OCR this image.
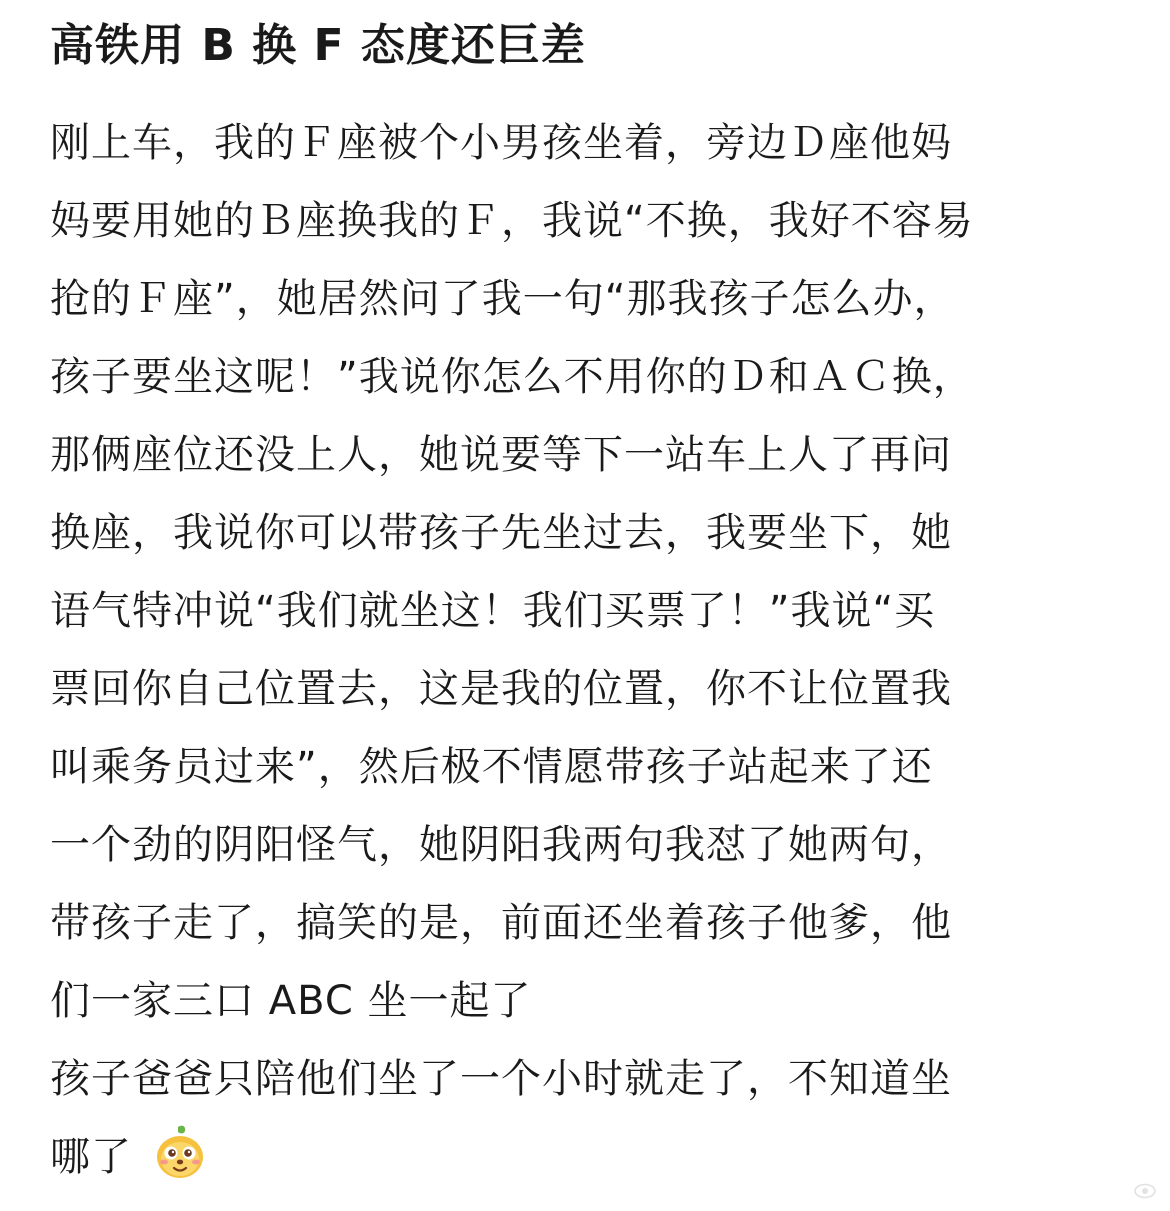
高铁用 B 换 F 态度还巨差
刚上车，我的Ｆ座被个小男孩坐着，旁边Ｄ座他妈
妈要用她的Ｂ座换我的Ｆ，我说“不换，我好不容易
抢的Ｆ座”，她居然问了我一句“那我孩子怎么办，
孩子要坐这呢！”我说你怎么不用你的Ｄ和ＡＣ换，
那俩座位还没上人，她说要等下一站车上人了再问
换座，我说你可以带孩子先坐过去，我要坐下，她
语气特冲说“我们就坐这！我们买票了！”我说“买
票回你自己位置去，这是我的位置，你不让位置我
叫乘务员过来”，然后极不情愿带孩子站起来了还
一个劲的阴阳怪气，她阴阳我两句我怼了她两句，
带孩子走了，搞笑的是，前面还坐着孩子他爹，他
们一家三口 ABC 坐一起了
孩子爸爸只陪他们坐了一个小时就走了，不知道坐
哪了
